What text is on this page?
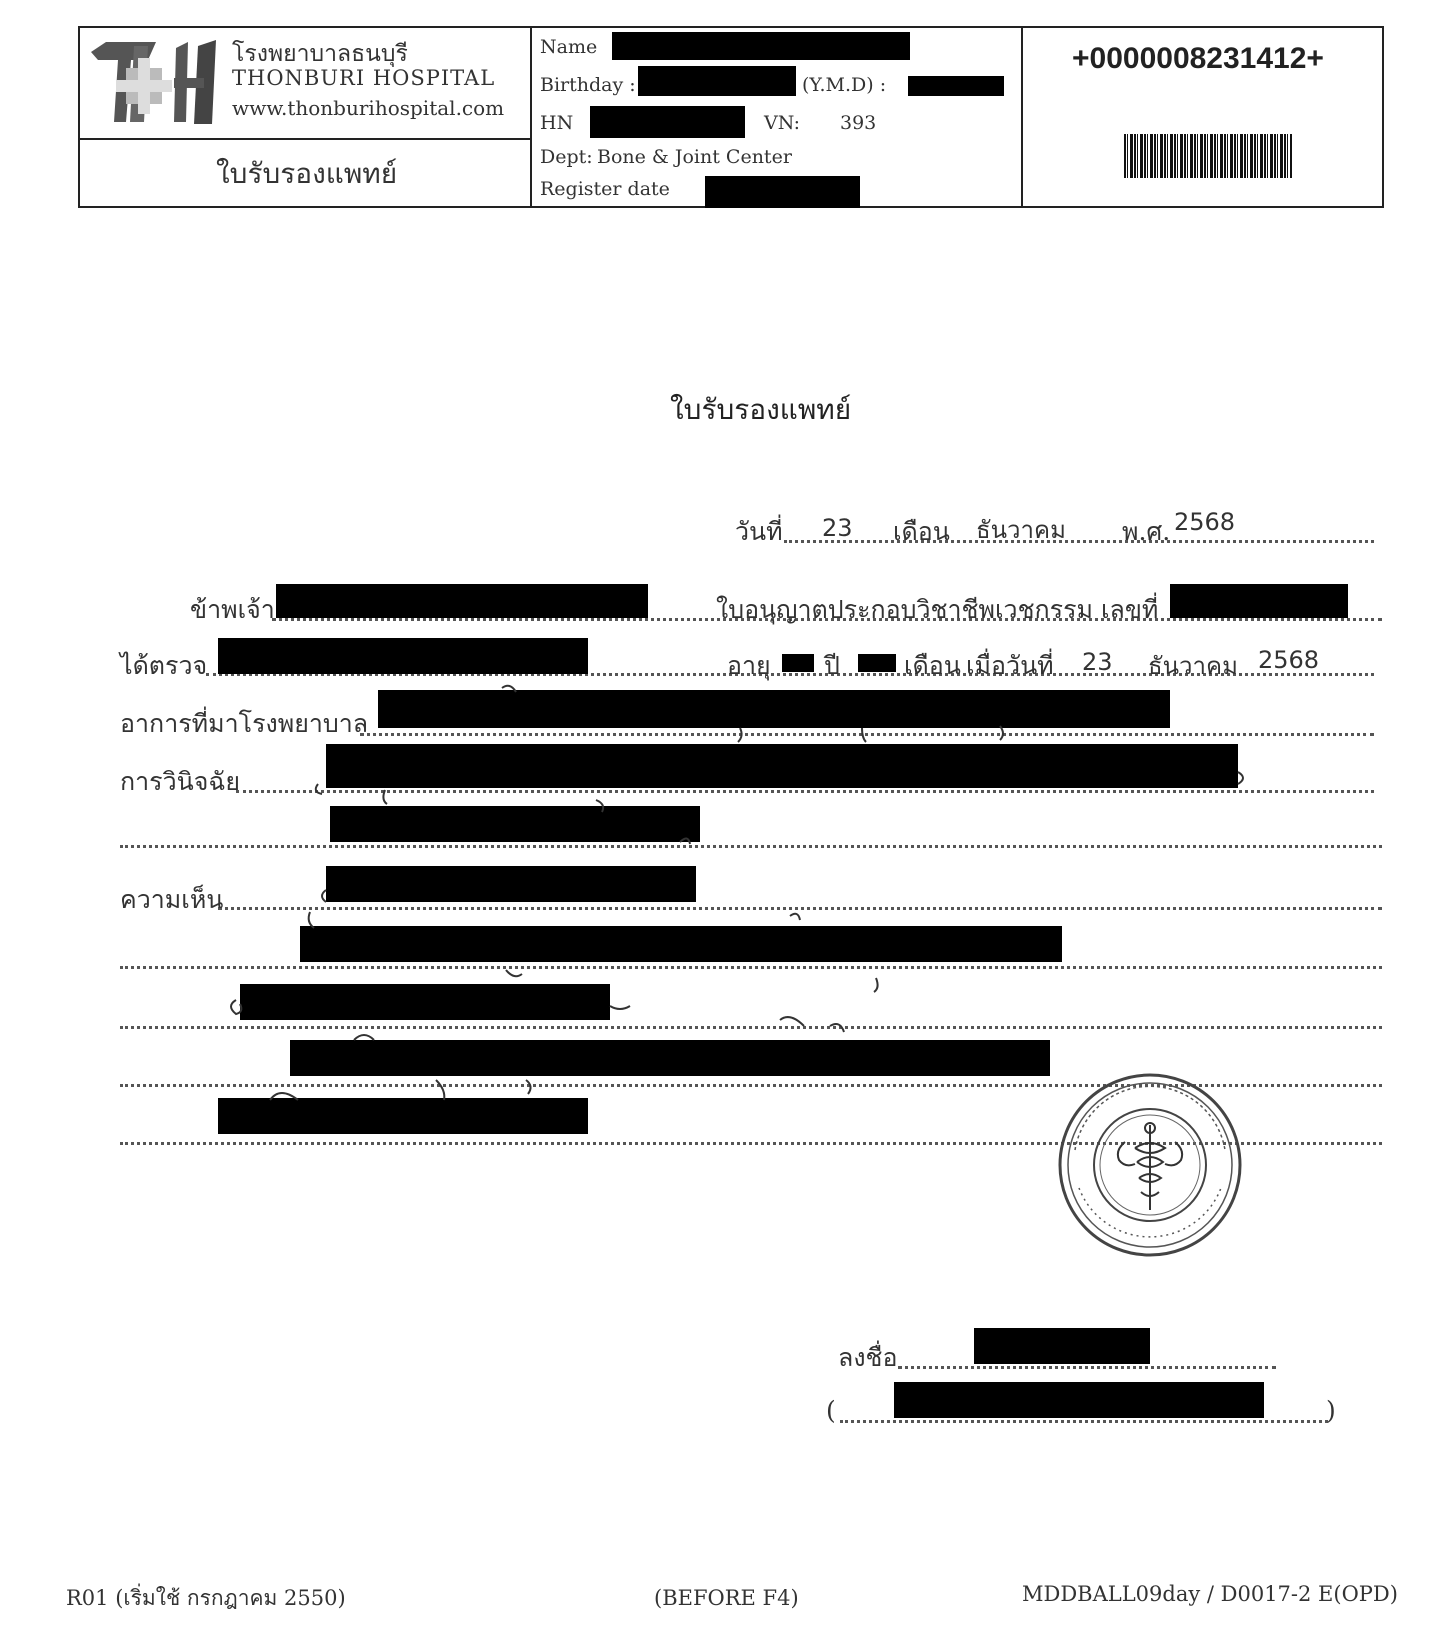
โรงพยาบาลธนบุรี
THONBURI HOSPITAL
www.thonburihospital.com
ใบรับรองแพทย์
Name
Birthday :	(Y.M.D) :
HN	VN: 393
Dept: Bone & Joint Center
Register date
+0000008231412+
ใบรับรองแพทย์
วันที่ 23 เดือน ธันวาคม พ.ศ. 2568
ข้าพเจ้า	ใบอนุญาตประกอบวิชาชีพเวชกรรม เลขที่
ได้ตรวจ	อายุ ปี	เดือน เมื่อวันที่ 23 ธันวาคม 2568
อาการที่มาโรงพยาบาล
การวินิจฉัย
ความเห็น
ลงชื่อ
(	)
R01 (เริ่มใช้ กรกฎาคม 2550)	(BEFORE F4)	MDDBALL09day / D0017-2 E(OPD)
